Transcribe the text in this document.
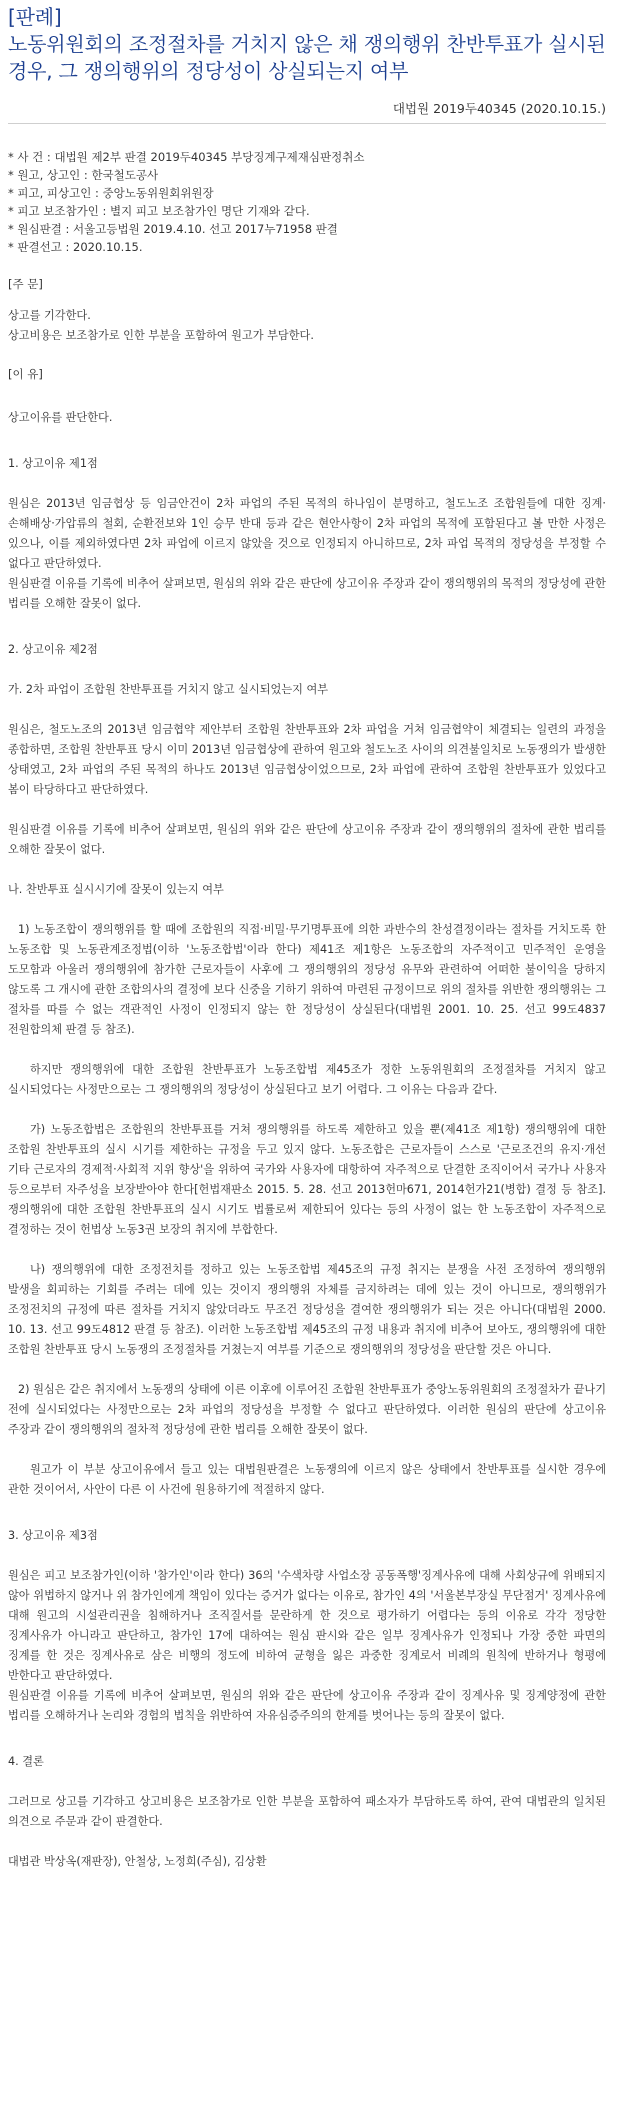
[판례]
노동위원회의 조정절차를 거치지 않은 채 쟁의행위 찬반투표가 실시된 경우, 그 쟁의행위의 정당성이 상실되는지 여부
대법원 2019두40345 (2020.10.15.)
* 사 건 : 대법원 제2부 판결 2019두40345 부당징계구제재심판정취소
* 원고, 상고인 : 한국철도공사
* 피고, 피상고인 : 중앙노동위원회위원장
* 피고 보조참가인 : 별지 피고 보조참가인 명단 기재와 같다.
* 원심판결 : 서울고등법원 2019.4.10. 선고 2017누71958 판결
* 판결선고 : 2020.10.15.
[주 문]

상고를 기각한다.

상고비용은 보조참가로 인한 부분을 포함하여 원고가 부담한다.

[이 유]

상고이유를 판단한다.

1. 상고이유 제1점

원심은 2013년 임금협상 등 임금안건이 2차 파업의 주된 목적의 하나임이 분명하고, 철도노조 조합원들에 대한 징계·손해배상·가압류의 철회, 순환전보와 1인 승무 반대 등과 같은 현안사항이 2차 파업의 목적에 포함된다고 볼 만한 사정은 있으나, 이를 제외하였다면 2차 파업에 이르지 않았을 것으로 인정되지 아니하므로, 2차 파업 목적의 정당성을 부정할 수 없다고 판단하였다.

원심판결 이유를 기록에 비추어 살펴보면, 원심의 위와 같은 판단에 상고이유 주장과 같이 쟁의행위의 목적의 정당성에 관한 법리를 오해한 잘못이 없다.

2. 상고이유 제2점

가. 2차 파업이 조합원 찬반투표를 거치지 않고 실시되었는지 여부

원심은, 철도노조의 2013년 임금협약 제안부터 조합원 찬반투표와 2차 파업을 거쳐 임금협약이 체결되는 일련의 과정을 종합하면, 조합원 찬반투표 당시 이미 2013년 임금협상에 관하여 원고와 철도노조 사이의 의견불일치로 노동쟁의가 발생한 상태였고, 2차 파업의 주된 목적의 하나도 2013년 임금협상이었으므로, 2차 파업에 관하여 조합원 찬반투표가 있었다고 봄이 타당하다고 판단하였다.

원심판결 이유를 기록에 비추어 살펴보면, 원심의 위와 같은 판단에 상고이유 주장과 같이 쟁의행위의 절차에 관한 법리를 오해한 잘못이 없다.

나. 찬반투표 실시시기에 잘못이 있는지 여부

1) 노동조합이 쟁의행위를 할 때에 조합원의 직접·비밀·무기명투표에 의한 과반수의 찬성결정이라는 절차를 거치도록 한 노동조합 및 노동관계조정법(이하 '노동조합법'이라 한다) 제41조 제1항은 노동조합의 자주적이고 민주적인 운영을 도모함과 아울러 쟁의행위에 참가한 근로자들이 사후에 그 쟁의행위의 정당성 유무와 관련하여 어떠한 불이익을 당하지 않도록 그 개시에 관한 조합의사의 결정에 보다 신중을 기하기 위하여 마련된 규정이므로 위의 절차를 위반한 쟁의행위는 그 절차를 따를 수 없는 객관적인 사정이 인정되지 않는 한 정당성이 상실된다(대법원 2001. 10. 25. 선고 99도4837 전원합의체 판결 등 참조).

하지만 쟁의행위에 대한 조합원 찬반투표가 노동조합법 제45조가 정한 노동위원회의 조정절차를 거치지 않고 실시되었다는 사정만으로는 그 쟁의행위의 정당성이 상실된다고 보기 어렵다. 그 이유는 다음과 같다.

가) 노동조합법은 조합원의 찬반투표를 거쳐 쟁의행위를 하도록 제한하고 있을 뿐(제41조 제1항) 쟁의행위에 대한 조합원 찬반투표의 실시 시기를 제한하는 규정을 두고 있지 않다. 노동조합은 근로자들이 스스로 '근로조건의 유지·개선 기타 근로자의 경제적·사회적 지위 향상'을 위하여 국가와 사용자에 대항하여 자주적으로 단결한 조직이어서 국가나 사용자 등으로부터 자주성을 보장받아야 한다[헌법재판소 2015. 5. 28. 선고 2013헌마671, 2014헌가21(병합) 결정 등 참조]. 쟁의행위에 대한 조합원 찬반투표의 실시 시기도 법률로써 제한되어 있다는 등의 사정이 없는 한 노동조합이 자주적으로 결정하는 것이 헌법상 노동3권 보장의 취지에 부합한다.

나) 쟁의행위에 대한 조정전치를 정하고 있는 노동조합법 제45조의 규정 취지는 분쟁을 사전 조정하여 쟁의행위 발생을 회피하는 기회를 주려는 데에 있는 것이지 쟁의행위 자체를 금지하려는 데에 있는 것이 아니므로, 쟁의행위가 조정전치의 규정에 따른 절차를 거치지 않았더라도 무조건 정당성을 결여한 쟁의행위가 되는 것은 아니다(대법원 2000. 10. 13. 선고 99도4812 판결 등 참조). 이러한 노동조합법 제45조의 규정 내용과 취지에 비추어 보아도, 쟁의행위에 대한 조합원 찬반투표 당시 노동쟁의 조정절차를 거쳤는지 여부를 기준으로 쟁의행위의 정당성을 판단할 것은 아니다.

2) 원심은 같은 취지에서 노동쟁의 상태에 이른 이후에 이루어진 조합원 찬반투표가 중앙노동위원회의 조정절차가 끝나기 전에 실시되었다는 사정만으로는 2차 파업의 정당성을 부정할 수 없다고 판단하였다. 이러한 원심의 판단에 상고이유 주장과 같이 쟁의행위의 절차적 정당성에 관한 법리를 오해한 잘못이 없다.

원고가 이 부분 상고이유에서 들고 있는 대법원판결은 노동쟁의에 이르지 않은 상태에서 찬반투표를 실시한 경우에 관한 것이어서, 사안이 다른 이 사건에 원용하기에 적절하지 않다.

3. 상고이유 제3점

원심은 피고 보조참가인(이하 '참가인'이라 한다) 36의 '수색차량 사업소장 공동폭행'징계사유에 대해 사회상규에 위배되지 않아 위법하지 않거나 위 참가인에게 책임이 있다는 증거가 없다는 이유로, 참가인 4의 '서울본부장실 무단점거' 징계사유에 대해 원고의 시설관리권을 침해하거나 조직질서를 문란하게 한 것으로 평가하기 어렵다는 등의 이유로 각각 정당한 징계사유가 아니라고 판단하고, 참가인 17에 대하여는 원심 판시와 같은 일부 징계사유가 인정되나 가장 중한 파면의 징계를 한 것은 징계사유로 삼은 비행의 정도에 비하여 균형을 잃은 과중한 징계로서 비례의 원칙에 반하거나 형평에 반한다고 판단하였다.

원심판결 이유를 기록에 비추어 살펴보면, 원심의 위와 같은 판단에 상고이유 주장과 같이 징계사유 및 징계양정에 관한 법리를 오해하거나 논리와 경험의 법칙을 위반하여 자유심증주의의 한계를 벗어나는 등의 잘못이 없다.

4. 결론

그러므로 상고를 기각하고 상고비용은 보조참가로 인한 부분을 포함하여 패소자가 부담하도록 하여, 관여 대법관의 일치된 의견으로 주문과 같이 판결한다.

대법관 박상옥(재판장), 안철상, 노정희(주심), 김상환
